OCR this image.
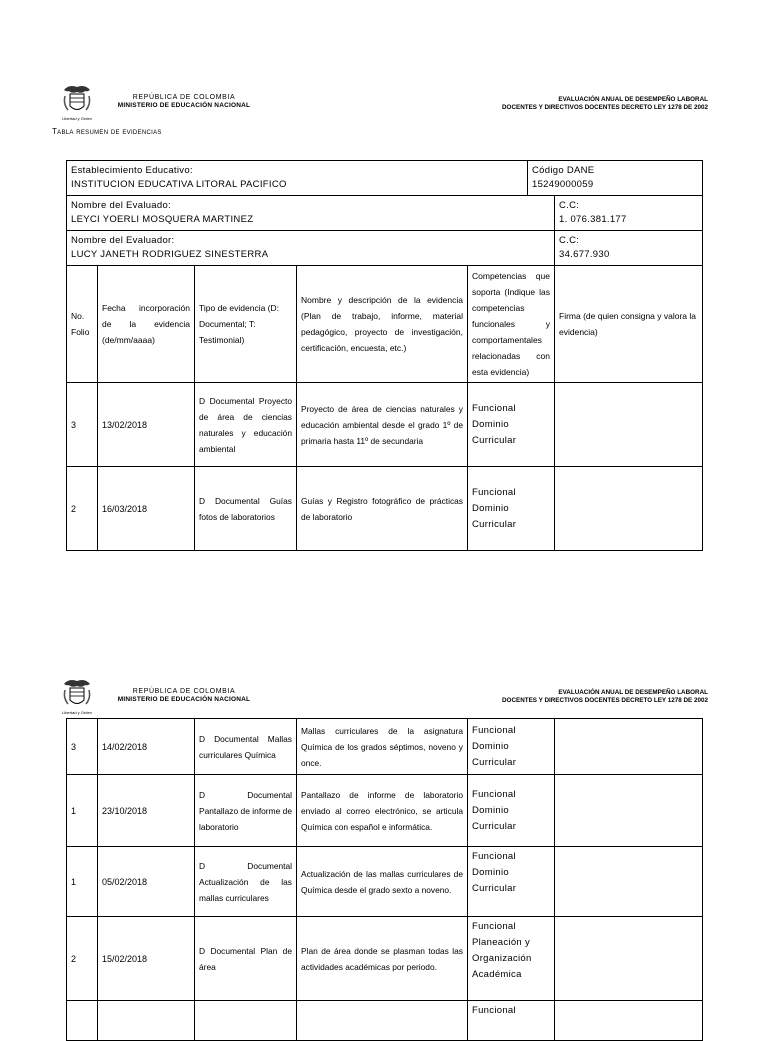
Libertad y Orden
REPÚBLICA DE COLOMBIA
MINISTERIO DE EDUCACIÓN NACIONAL
EVALUACIÓN ANUAL DE DESEMPEÑO LABORAL
DOCENTES Y DIRECTIVOS DOCENTES DECRETO LEY 1278 DE 2002
Tabla resumen de evidencias
Establecimiento Educativo:
INSTITUCION EDUCATIVA LITORAL PACIFICO					Código DANE
15249000059	

Nombre del Evaluado:
LEYCI YOERLI MOSQUERA MARTINEZ						C.C:
1. 076.381.177

Nombre del Evaluador:
LUCY JANETH RODRIGUEZ SINESTERRA						C.C:
34.677.930

No. Folio	Fecha incorporación de la evidencia (de/mm/aaaa)	Tipo de evidencia (D: Documental; T: Testimonial)	Nombre y descripción de la evidencia (Plan de trabajo, informe, material pedagógico, proyecto de investigación, certificación, encuesta, etc.)	Competencias que soporta (Indique las competencias funcionales y comportamentales relacionadas con esta evidencia)		Firma (de quien consigna y valora la evidencia)
3	13/02/2018	D Documental Proyecto de área de ciencias naturales y educación ambiental	Proyecto de área de ciencias naturales y educación ambiental desde el grado 1º de primaria hasta 11º de secundaria	Funcional
Dominio Curricular		

2	16/03/2018	D Documental Guías fotos de laboratorios	Guías y Registro fotográfico de prácticas de laboratorio	Funcional
Dominio Curricular		

Libertad y Orden
REPÚBLICA DE COLOMBIA
MINISTERIO DE EDUCACIÓN NACIONAL
EVALUACIÓN ANUAL DE DESEMPEÑO LABORAL
DOCENTES Y DIRECTIVOS DOCENTES DECRETO LEY 1278 DE 2002
3	14/02/2018	D Documental Mallas curriculares Química	Mallas curriculares de la asignatura Química de los grados séptimos, noveno y once.	Funcional
Dominio Curricular	

1	23/10/2018	D Documental Pantallazo de informe de laboratorio	Pantallazo de informe de laboratorio enviado al correo electrónico, se articula Química con español e informática.	Funcional
Dominio Curricular	

1	05/02/2018	D Documental Actualización de las mallas curriculares	Actualización de las mallas curriculares de Química desde el grado sexto a noveno.	Funcional
Dominio Curricular	

2	15/02/2018	D Documental Plan de área	Plan de área donde se plasman todas las actividades académicas por periodo.	Funcional
Planeación y Organización Académica	

				Funcional	
